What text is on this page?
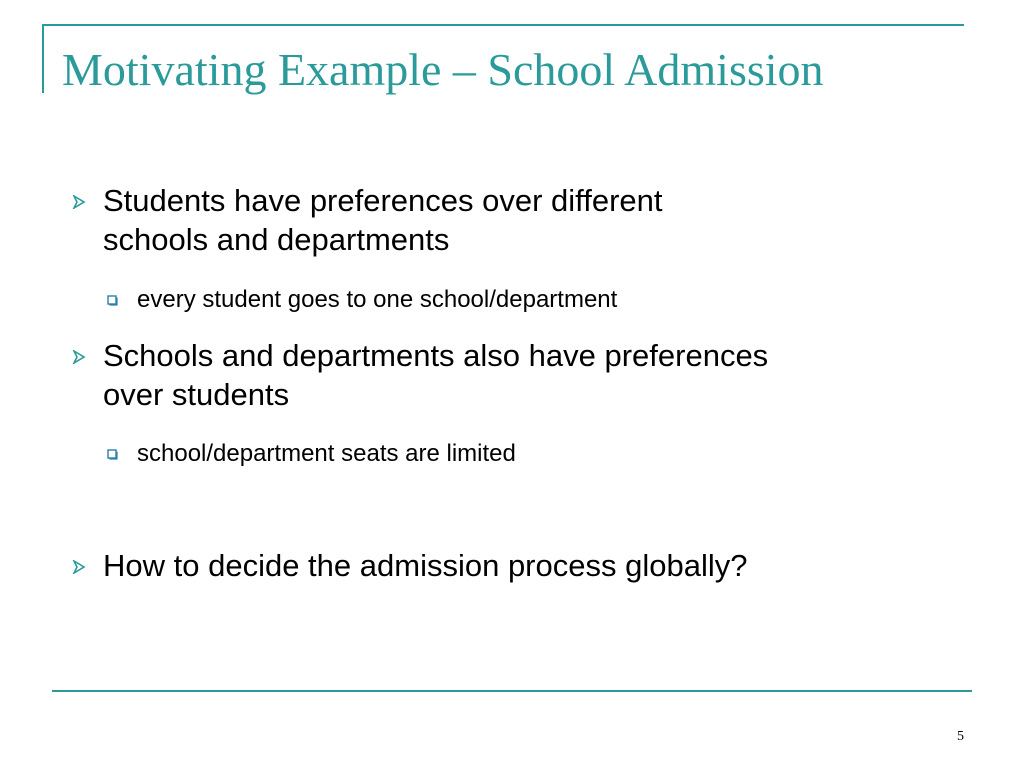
Motivating Example – School Admission
Students have preferences over different
schools and departments
every student goes to one school/department
Schools and departments also have preferences
over students
school/department seats are limited
How to decide the admission process globally?
5
